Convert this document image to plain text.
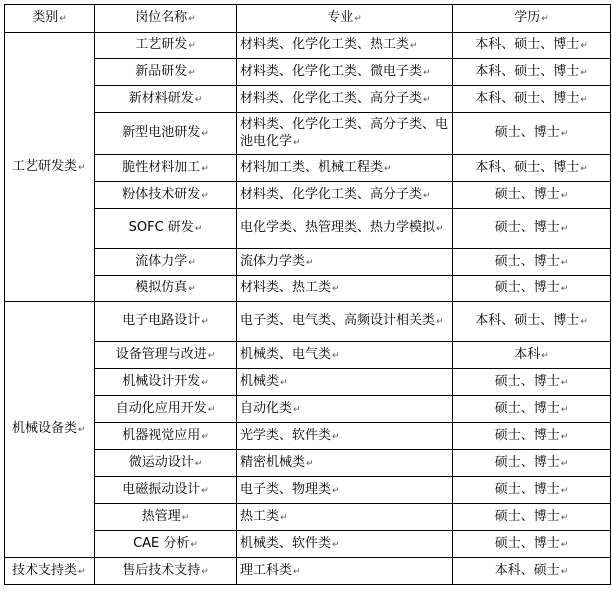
类别↵	岗位名称↵	专业↵	学历↵
工艺研发类↵	工艺研发↵	材料类、化学化工类、热工类↵	本科、硕士、博士↵
	新品研发↵	材料类、化学化工类、微电子类↵	本科、硕士、博士↵
	新材料研发↵	材料类、化学化工类、高分子类↵	本科、硕士、博士↵
	新型电池研发↵	材料类、化学化工类、高分子类、电池电化学↵	硕士、博士↵
	脆性材料加工↵	材料加工类、机械工程类↵	本科、硕士、博士↵
	粉体技术研发↵	材料类、化学化工类、高分子类↵	硕士、博士↵
	SOFC 研发↵	电化学类、热管理类、热力学模拟↵	硕士、博士↵
	流体力学↵	流体力学类↵	硕士、博士↵
	模拟仿真↵	材料类、热工类↵	硕士、博士↵
机械设备类↵	电子电路设计↵	电子类、电气类、高频设计相关类↵	本科、硕士、博士↵
	设备管理与改进↵	机械类、电气类↵	本科↵
	机械设计开发↵	机械类↵	硕士、博士↵
	自动化应用开发↵	自动化类↵	硕士、博士↵
	机器视觉应用↵	光学类、软件类↵	硕士、博士↵
	微运动设计↵	精密机械类↵	硕士、博士↵
	电磁振动设计↵	电子类、物理类↵	硕士、博士↵
	热管理↵	热工类↵	硕士、博士↵
	CAE 分析↵	机械类、软件类↵	硕士、博士↵
技术支持类↵	售后技术支持↵	理工科类↵	本科、硕士↵
